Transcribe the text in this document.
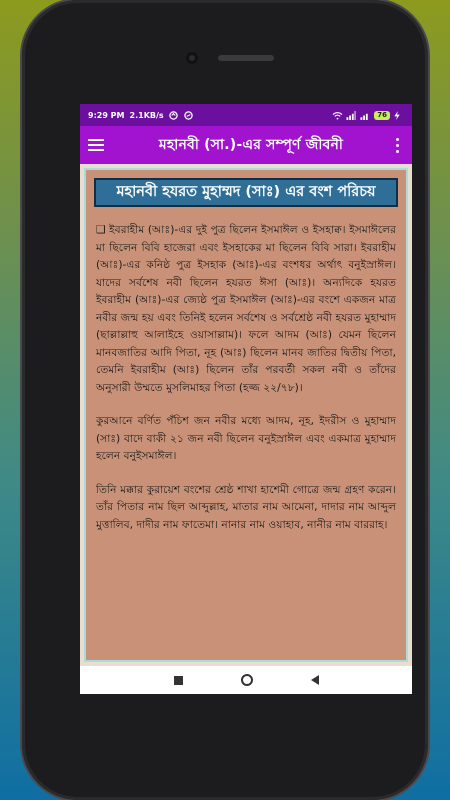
9:29 PM 2.1KB/s	76
মহানবী (সা.)-এর সম্পূর্ণ জীবনী
মহানবী হযরত মুহাম্মদ (সাঃ) এর বংশ পরিচয়

❑ ইবরাহীম (আঃ)-এর দুই পুত্র ছিলেন ইসমাঈল ও ইসহাক্ব। ইসমাঈলের মা ছিলেন বিবি হাজেরা এবং ইসহাকের মা ছিলেন বিবি সারা। ইবরাহীম (আঃ)-এর কনিষ্ঠ পুত্র ইসহাক (আঃ)-এর বংশধর অর্থাৎ বনুইস্রাঈল। যাদের সর্বশেষ নবী ছিলেন হযরত ঈসা (আঃ)। অন্যদিকে হযরত ইবরাহীম (আঃ)-এর জ্যেষ্ঠ পুত্র ইসমাঈল (আঃ)-এর বংশে একজন মাত্র নবীর জন্ম হয় এবং তিনিই হলেন সর্বশেষ ও সর্বশ্রেষ্ঠ নবী হযরত মুহাম্মাদ (ছাল্লাল্লাহু আলাইহে ওয়াসাল্লাম)। ফলে আদম (আঃ) যেমন ছিলেন মানবজাতির আদি পিতা, নূহ (আঃ) ছিলেন মানব জাতির দ্বিতীয় পিতা, তেমনি ইবরাহীম (আঃ) ছিলেন তাঁর পরবর্তী সকল নবী ও তাঁদের অনুসারী উম্মতে মুসলিমাহর পিতা (হজ্জ ২২/৭৮)।

কুরআনে বর্ণিত পঁচিশ জন নবীর মধ্যে আদম, নূহ, ইদরীস ও মুহাম্মাদ (সাঃ) বাদে বাকী ২১ জন নবী ছিলেন বনুইস্রাঈল এবং একমাত্র মুহাম্মাদ হলেন বনুইসমাঈল।

তিনি মক্কার কুরায়েশ বংশের শ্রেষ্ঠ শাখা হাশেমী গোত্রে জন্ম গ্রহণ করেন। তাঁর পিতার নাম ছিল আব্দুল্লাহ, মাতার নাম আমেনা, দাদার নাম আব্দুল মুত্তালিব, দাদীর নাম ফাতেমা। নানার নাম ওয়াহাব, নানীর নাম বাররাহ।
